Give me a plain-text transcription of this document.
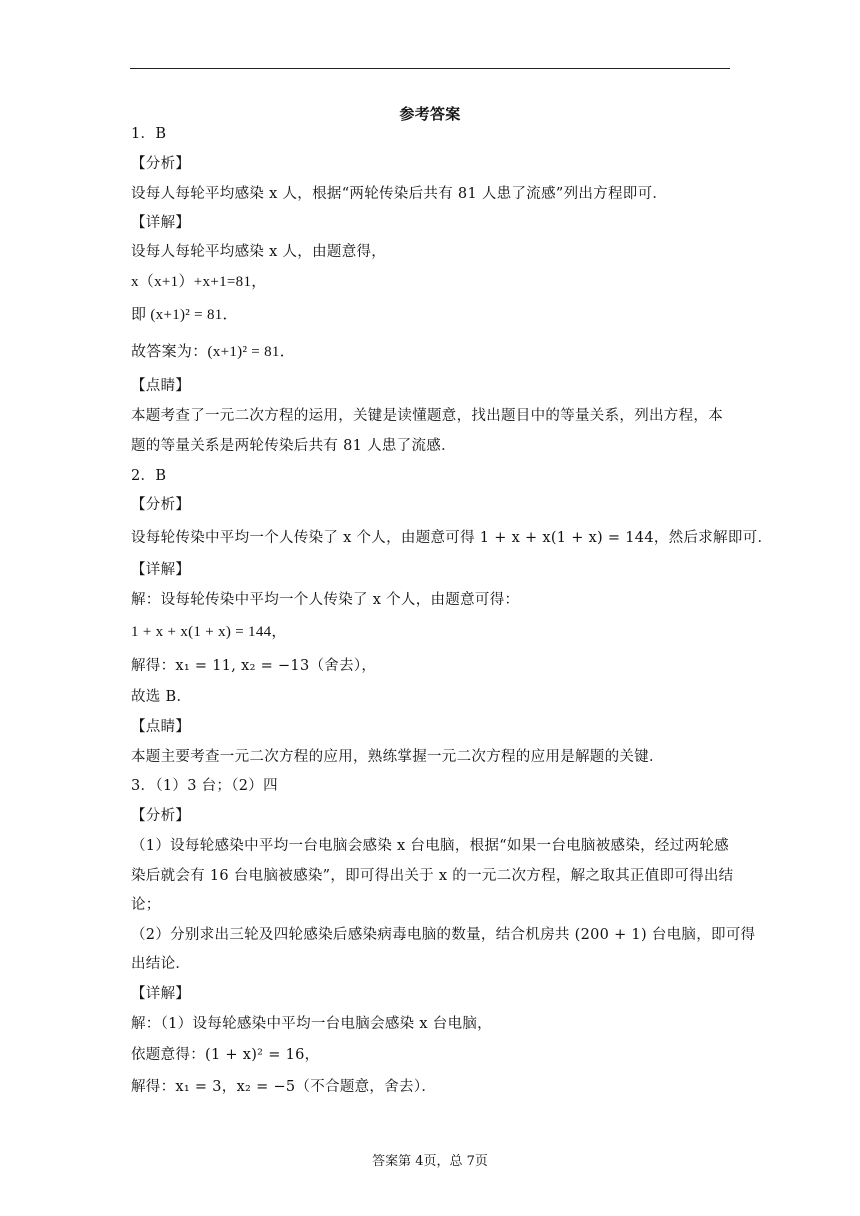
参考答案
1．B
【分析】
设每人每轮平均感染 x 人，根据“两轮传染后共有 81 人患了流感”列出方程即可．
【详解】
设每人每轮平均感染 x 人，由题意得，
x（x+1）+x+1=81，
即 (x+1)² = 81．
故答案为：(x+1)² = 81．
【点睛】
本题考查了一元二次方程的运用，关键是读懂题意，找出题目中的等量关系，列出方程，本
题的等量关系是两轮传染后共有 81 人患了流感．
2．B
【分析】
设每轮传染中平均一个人传染了 x 个人，由题意可得 1 + x + x(1 + x) = 144，然后求解即可．
【详解】
解：设每轮传染中平均一个人传染了 x 个人，由题意可得：
1 + x + x(1 + x) = 144，
解得：x₁ = 11, x₂ = −13（舍去），
故选 B．
【点睛】
本题主要考查一元二次方程的应用，熟练掌握一元二次方程的应用是解题的关键．
3．（1）3 台；（2）四
【分析】
（1）设每轮感染中平均一台电脑会感染 x 台电脑，根据“如果一台电脑被感染，经过两轮感
染后就会有 16 台电脑被感染”，即可得出关于 x 的一元二次方程，解之取其正值即可得出结
论；
（2）分别求出三轮及四轮感染后感染病毒电脑的数量，结合机房共 (200 + 1) 台电脑，即可得
出结论．
【详解】
解：（1）设每轮感染中平均一台电脑会感染 x 台电脑，
依题意得：(1 + x)² = 16，
解得：x₁ = 3，x₂ = −5（不合题意，舍去）．
答案第 4页，总 7页
